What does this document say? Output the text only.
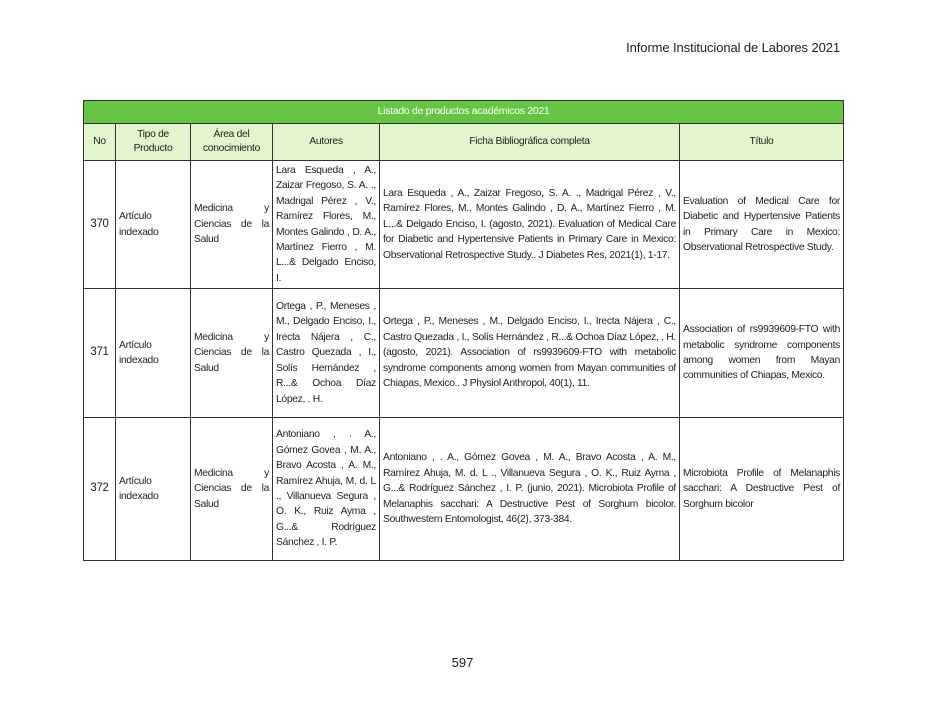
Informe Institucional de Labores 2021
Listado de productos académicos 2021					
No	Tipo de Producto	Área del conocimiento	Autores	Ficha Bibliográfica completa	Título
370	Artículo indexado	Medicina y Ciencias de la Salud	Lara Esqueda , A., Zaizar Fregoso, S. A. ., Madrigal Pérez , V., Ramírez Flores, M., Montes Galindo , D. A., Martínez Fierro , M. L...& Delgado Enciso, I.	Lara Esqueda , A., Zaizar Fregoso, S. A. ., Madrigal Pérez , V., Ramírez Flores, M., Montes Galindo , D. A., Martínez Fierro , M. L...& Delgado Enciso, I. (agosto, 2021). Evaluation of Medical Care for Diabetic and Hypertensive Patients in Primary Care in Mexico: Observational Retrospective Study.. J Diabetes Res, 2021(1), 1-17.	Evaluation of Medical Care for Diabetic and Hypertensive Patients in Primary Care in Mexico: Observational Retrospective Study.
371	Artículo indexado	Medicina y Ciencias de la Salud	Ortega , P., Meneses , M., Delgado Enciso, I., Irecta Nájera , C., Castro Quezada , I., Solís Hernández , R...& Ochoa Díaz López, . H.	Ortega , P., Meneses , M., Delgado Enciso, I., Irecta Nájera , C., Castro Quezada , I., Solís Hernández , R...& Ochoa Díaz López, . H. (agosto, 2021). Association of rs9939609-FTO with metabolic syndrome components among women from Mayan communities of Chiapas, Mexico.. J Physiol Anthropol, 40(1), 11.	Association of rs9939609-FTO with metabolic syndrome components among women from Mayan communities of Chiapas, Mexico.
372	Artículo indexado	Medicina y Ciencias de la Salud	Antoniano , . A., Gómez Govea , M. A., Bravo Acosta , A. M., Ramírez Ahuja, M. d. L ., Villanueva Segura , O. K., Ruiz Ayma , G...& Rodríguez Sánchez , I. P.	Antoniano , . A., Gómez Govea , M. A., Bravo Acosta , A. M., Ramírez Ahuja, M. d. L ., Villanueva Segura , O. K., Ruiz Ayma , G...& Rodríguez Sánchez , I. P. (junio, 2021). Microbiota Profile of Melanaphis sacchari: A Destructive Pest of Sorghum bicolor. Southwestern Entomologist, 46(2), 373-384.	Microbiota Profile of Melanaphis sacchari: A Destructive Pest of Sorghum bicolor
597
